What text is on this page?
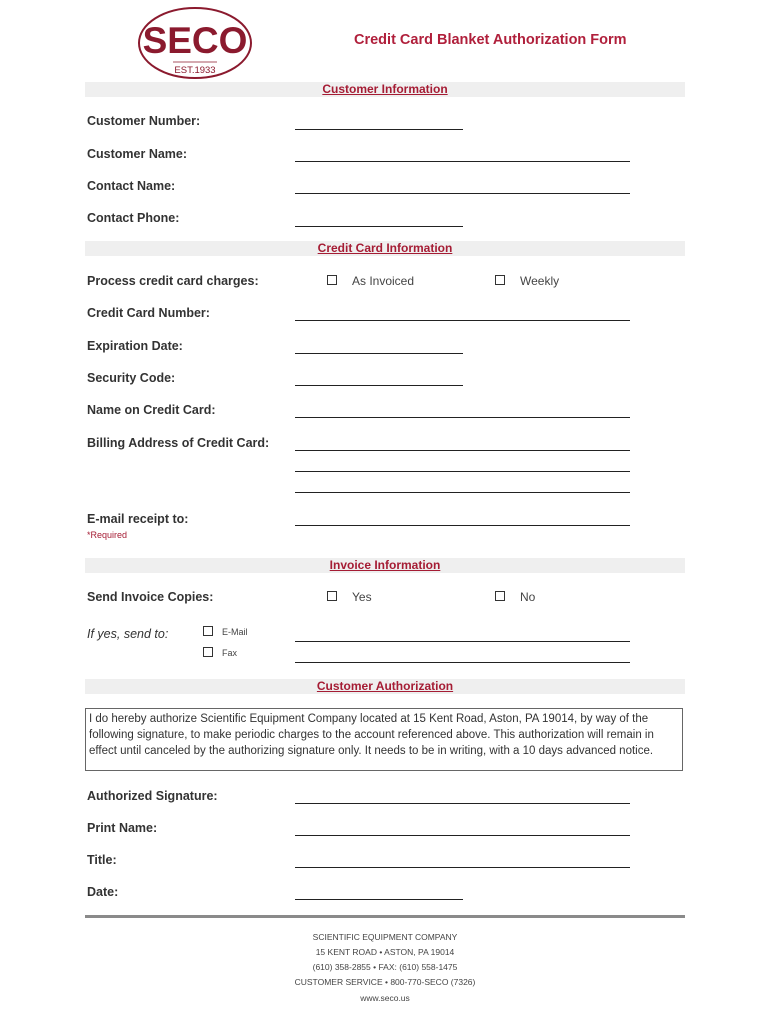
SECO
EST.1933
Credit Card Blanket Authorization Form
Customer Information
Customer Number:
Customer Name:
Contact Name:
Contact Phone:
Credit Card Information
Process credit card charges:	As Invoiced	Weekly
Credit Card Number:
Expiration Date:
Security Code:
Name on Credit Card:
Billing Address of Credit Card:
E-mail receipt to:
*Required
Invoice Information
Send Invoice Copies:	Yes	No
If yes, send to:	E-Mail
Fax
Customer Authorization
I do hereby authorize Scientific Equipment Company located at 15 Kent Road, Aston, PA 19014, by way of the following signature, to make periodic charges to the account referenced above. This authorization will remain in effect until canceled by the authorizing signature only. It needs to be in writing, with a 10 days advanced notice.
Authorized Signature:
Print Name:
Title:
Date:
SCIENTIFIC EQUIPMENT COMPANY
15 KENT ROAD • ASTON, PA 19014
(610) 358-2855 • FAX: (610) 558-1475
CUSTOMER SERVICE • 800-770-SECO (7326)
www.seco.us
